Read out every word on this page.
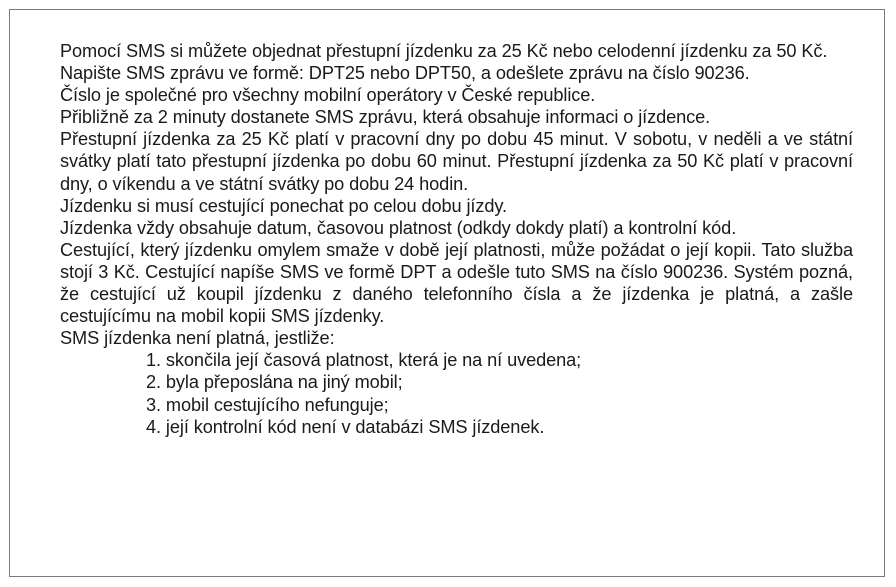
Pomocí SMS si můžete objednat přestupní jízdenku za 25 Kč nebo celodenní jízdenku za 50 Kč.

Napište SMS zprávu ve formě: DPT25 nebo DPT50, a odešlete zprávu na číslo 90236.

Číslo je společné pro všechny mobilní operátory v České republice.

Přibližně za 2 minuty dostanete SMS zprávu, která obsahuje informaci o jízdence.

Přestupní jízdenka za 25 Kč platí v pracovní dny po dobu 45 minut. V sobotu, v neděli a ve státní svátky platí tato přestupní jízdenka po dobu 60 minut. Přestupní jízdenka za 50 Kč platí v pracovní dny, o víkendu a ve státní svátky po dobu 24 hodin.

Jízdenku si musí cestující ponechat po celou dobu jízdy.

Jízdenka vždy obsahuje datum, časovou platnost (odkdy dokdy platí) a kontrolní kód.

Cestující, který jízdenku omylem smaže v době její platnosti, může požádat o její kopii. Tato služba stojí 3 Kč. Cestující napíše SMS ve formě DPT a odešle tuto SMS na číslo 900236. Systém pozná, že cestující už koupil jízdenku z daného telefonního čísla a že jízdenka je platná, a zašle cestujícímu na mobil kopii SMS jízdenky.

SMS jízdenka není platná, jestliže:

1. skončila její časová platnost, která je na ní uvedena;
2. byla přeposlána na jiný mobil;
3. mobil cestujícího nefunguje;
4. její kontrolní kód není v databázi SMS jízdenek.
